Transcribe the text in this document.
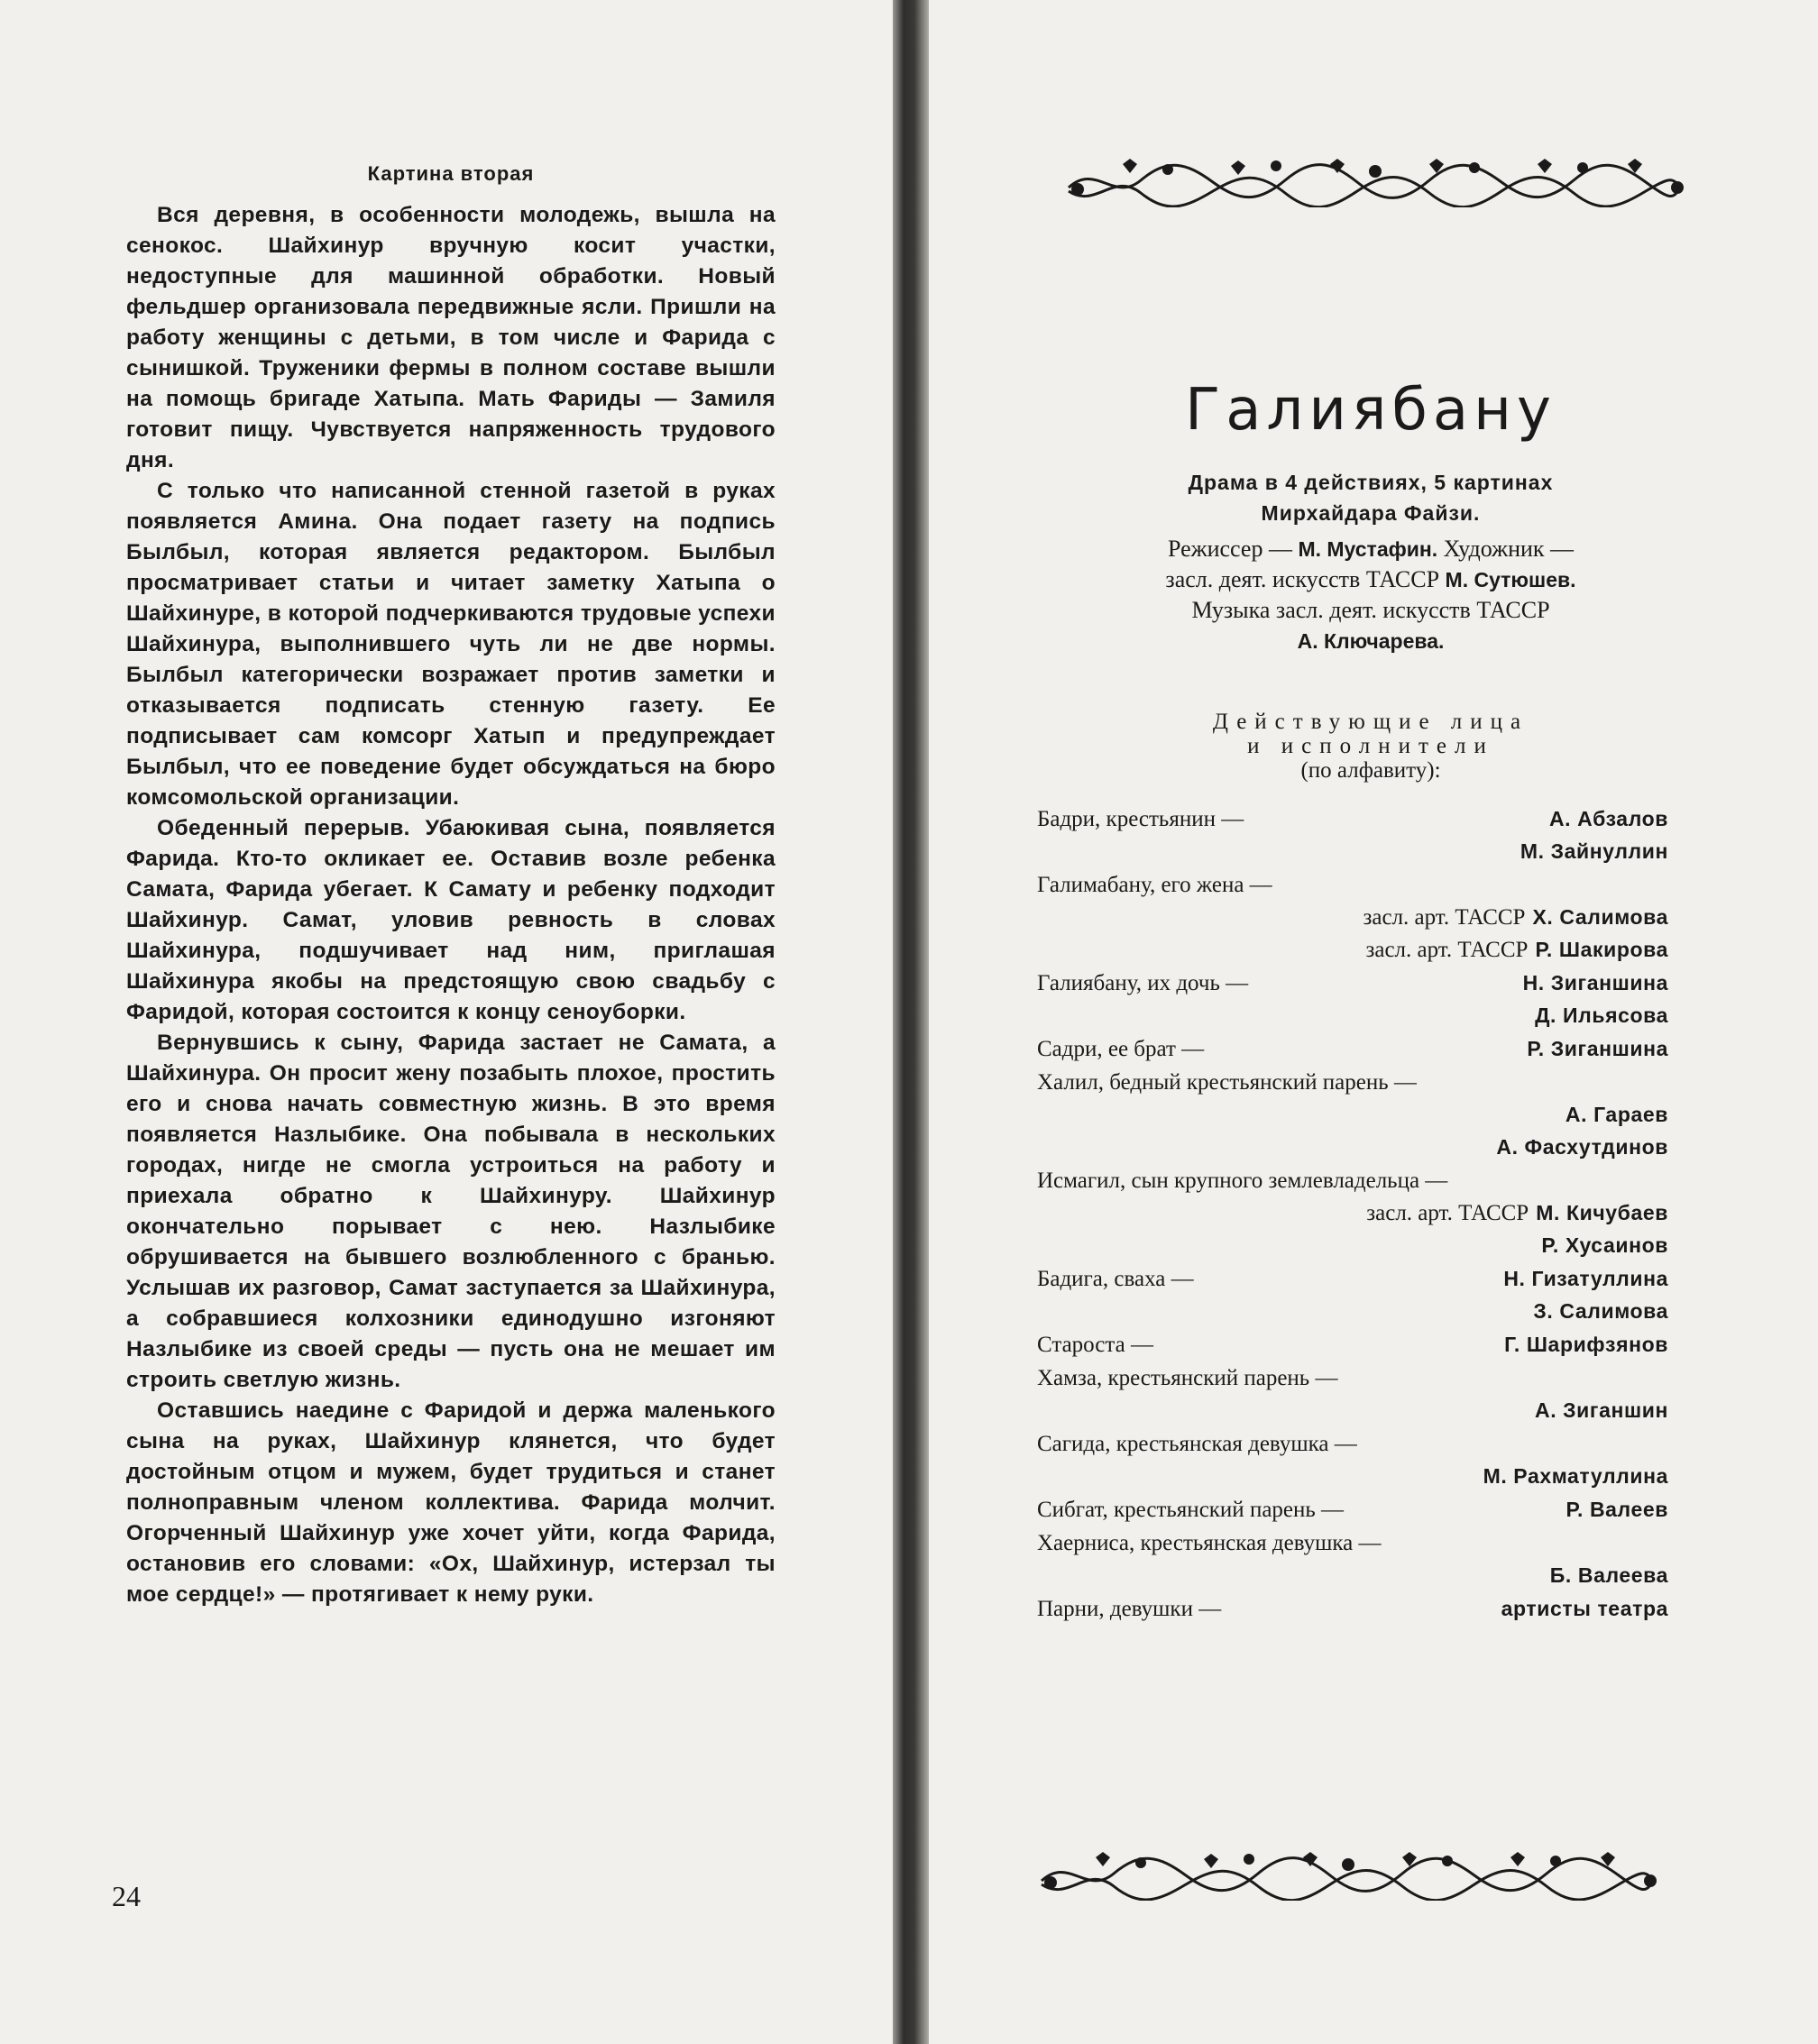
Картина вторая

Вся деревня, в особенности молодежь, вышла на сенокос. Шайхинур вручную косит участки, недоступные для машинной обработки. Новый фельдшер организовала передвижные ясли. Пришли на работу женщины с детьми, в том числе и Фарида с сынишкой. Труженики фермы в полном составе вышли на помощь бригаде Хатыпа. Мать Фариды — Замиля готовит пищу. Чувствуется напряженность трудового дня.

С только что написанной стенной газетой в руках появляется Амина. Она подает газету на подпись Былбыл, которая является редактором. Былбыл просматривает статьи и читает заметку Хатыпа о Шайхинуре, в которой подчеркиваются трудовые успехи Шайхинура, выполнившего чуть ли не две нормы. Былбыл категорически возражает против заметки и отказывается подписать стенную газету. Ее подписывает сам комсорг Хатып и предупреждает Былбыл, что ее поведение будет обсуждаться на бюро комсомольской организации.

Обеденный перерыв. Убаюкивая сына, появляется Фарида. Кто-то окликает ее. Оставив возле ребенка Самата, Фарида убегает. К Самату и ребенку подходит Шайхинур. Самат, уловив ревность в словах Шайхинура, подшучивает над ним, приглашая Шайхинура якобы на предстоящую свою свадьбу с Фаридой, которая состоится к концу сеноуборки.

Вернувшись к сыну, Фарида застает не Самата, а Шайхинура. Он просит жену позабыть плохое, простить его и снова начать совместную жизнь. В это время появляется Назлыбике. Она побывала в нескольких городах, нигде не смогла устроиться на работу и приехала обратно к Шайхинуру. Шайхинур окончательно порывает с нею. Назлыбике обрушивается на бывшего возлюбленного с бранью. Услышав их разговор, Самат заступается за Шайхинура, а собравшиеся колхозники единодушно изгоняют Назлыбике из своей среды — пусть она не мешает им строить светлую жизнь.

Оставшись наедине с Фаридой и держа маленького сына на руках, Шайхинур клянется, что будет достойным отцом и мужем, будет трудиться и станет полноправным членом коллектива. Фарида молчит. Огорченный Шайхинур уже хочет уйти, когда Фарида, остановив его словами: «Ох, Шайхинур, истерзал ты мое сердце!» — протягивает к нему руки.

24
Галиябану
Драма в 4 действиях, 5 картинах
Мирхайдара Файзи.
Режиссер — М. Мустафин. Художник —
засл. деят. искусств ТАССР М. Сутюшев.
Музыка засл. деят. искусств ТАССР
А. Ключарева.
Действующие лица
и исполнители
(по алфавиту):
Бадри, крестьянин —	А. Абзалов
М. Зайнуллин
Галимабану, его жена —
засл. арт. ТАССР Х. Салимова
засл. арт. ТАССР Р. Шакирова
Галиябану, их дочь —	Н. Зиганшина
Д. Ильясова
Садри, ее брат —	Р. Зиганшина
Халил, бедный крестьянский парень —
А. Гараев
А. Фасхутдинов
Исмагил, сын крупного землевладельца —
засл. арт. ТАССР М. Кичубаев
Р. Хусаинов
Бадига, сваха —	Н. Гизатуллина
З. Салимова
Староста —	Г. Шарифзянов
Хамза, крестьянский парень —
А. Зиганшин
Сагида, крестьянская девушка —
М. Рахматуллина
Сибгат, крестьянский парень —	Р. Валеев
Хаерниса, крестьянская девушка —
Б. Валеева
Парни, девушки —	артисты театра
